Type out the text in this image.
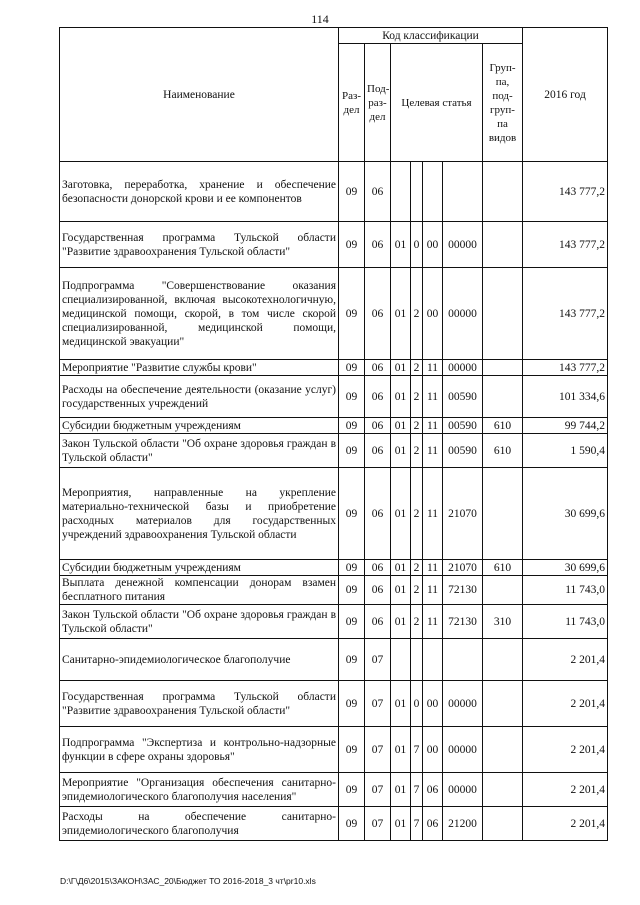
114
Наименование	Код классификации							2016 год
	Раз-дел	Под-раз-дел	Целевая статья				Груп-па, под-груп-па видов	
Заготовка, переработка, хранение и обеспечение безопасности донорской крови и ее компонентов	09	06						143 777,2
Государственная программа Тульской области "Развитие здравоохранения Тульской области"	09	06	01	0	00	00000		143 777,2
Подпрограмма "Совершенствование оказания специализированной, включая высокотехнологичную, медицинской помощи, скорой, в том числе скорой специализированной, медицинской помощи, медицинской эвакуации"	09	06	01	2	00	00000		143 777,2
Мероприятие "Развитие службы крови"	09	06	01	2	11	00000		143 777,2
Расходы на обеспечение деятельности (оказание услуг) государственных учреждений	09	06	01	2	11	00590		101 334,6
Субсидии бюджетным учреждениям	09	06	01	2	11	00590	610	99 744,2
Закон Тульской области "Об охране здоровья граждан в Тульской области"	09	06	01	2	11	00590	610	1 590,4
Мероприятия, направленные на укрепление материально-технической базы и приобретение расходных материалов для государственных учреждений здравоохранения Тульской области	09	06	01	2	11	21070		30 699,6
Субсидии бюджетным учреждениям	09	06	01	2	11	21070	610	30 699,6
Выплата денежной компенсации донорам взамен бесплатного питания	09	06	01	2	11	72130		11 743,0
Закон Тульской области "Об охране здоровья граждан в Тульской области"	09	06	01	2	11	72130	310	11 743,0
Санитарно-эпидемиологическое благополучие	09	07						2 201,4
Государственная программа Тульской области "Развитие здравоохранения Тульской области"	09	07	01	0	00	00000		2 201,4
Подпрограмма "Экспертиза и контрольно-надзорные функции в сфере охраны здоровья"	09	07	01	7	00	00000		2 201,4
Мероприятие "Организация обеспечения санитарно-эпидемиологического благополучия населения"	09	07	01	7	06	00000		2 201,4
Расходы на обеспечение санитарно-эпидемиологического благополучия	09	07	01	7	06	21200		2 201,4
D:\Г\Д6\2015\ЗАКОН\ЗАС_20\Бюджет ТО 2016-2018_3 чт\pr10.xls
